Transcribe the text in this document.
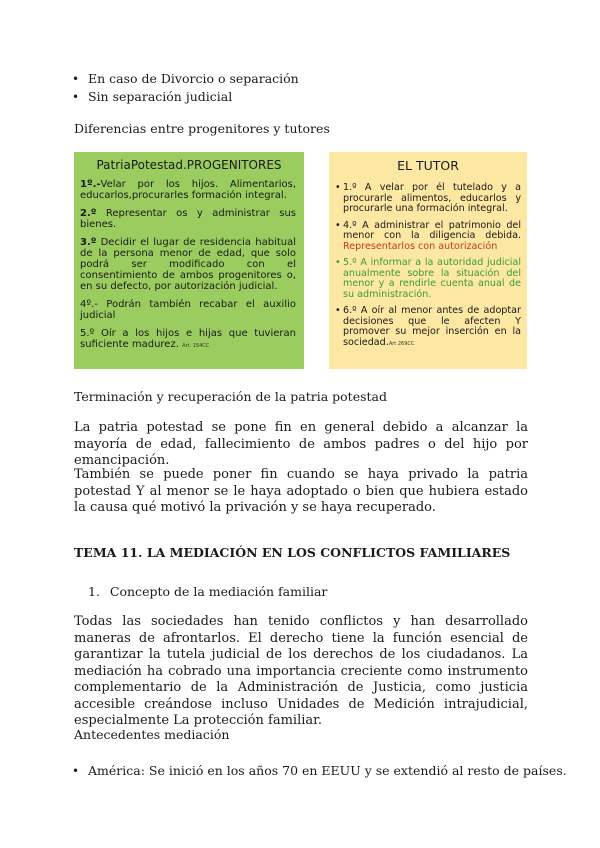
• En caso de Divorcio o separación
• Sin separación judicial
Diferencias entre progenitores y tutores
PatriaPotestad.PROGENITORES
1º.-Velar por los hijos. Alimentarios, educarlos,procurarles formación integral.
2.º Representar os y administrar sus bienes.
3.º Decidir el lugar de residencia habitual de la persona menor de edad, que solo podrá ser modificado con el consentimiento de ambos progenitores o, en su defecto, por autorización judicial.
4º.- Podrán también recabar el auxilio judicial
5.º Oír a los hijos e hijas que tuvieran suficiente madurez. Art. 154CC
EL TUTOR
• 1.º A velar por él tutelado y a procurarle alimentos, educarlos y procurarle una formación integral.
• 4.º A administrar el patrimonio del menor con la diligencia debida. Representarlos con autorización
• 5.º A informar a la autoridad judicial anualmente sobre la situación del menor y a rendirle cuenta anual de su administración.
• 6.º A oír al menor antes de adoptar decisiones que le afecten Y promover su mejor inserción en la sociedad.Art 269CC
Terminación y recuperación de la patria potestad

La patria potestad se pone fin en general debido a alcanzar la mayoría de edad, fallecimiento de ambos padres o del hijo por emancipación.

También se puede poner fin cuando se haya privado la patria potestad Y al menor se le haya adoptado o bien que hubiera estado la causa qué motivó la privación y se haya recuperado.

TEMA 11. LA MEDIACIÓN EN LOS CONFLICTOS FAMILIARES
1. Concepto de la mediación familiar

Todas las sociedades han tenido conflictos y han desarrollado maneras de afrontarlos. El derecho tiene la función esencial de garantizar la tutela judicial de los derechos de los ciudadanos. La mediación ha cobrado una importancia creciente como instrumento complementario de la Administración de Justicia, como justicia accesible creándose incluso Unidades de Medición intrajudicial, especialmente La protección familiar.

Antecedentes mediación
• América: Se inició en los años 70 en EEUU y se extendió al resto de países.
